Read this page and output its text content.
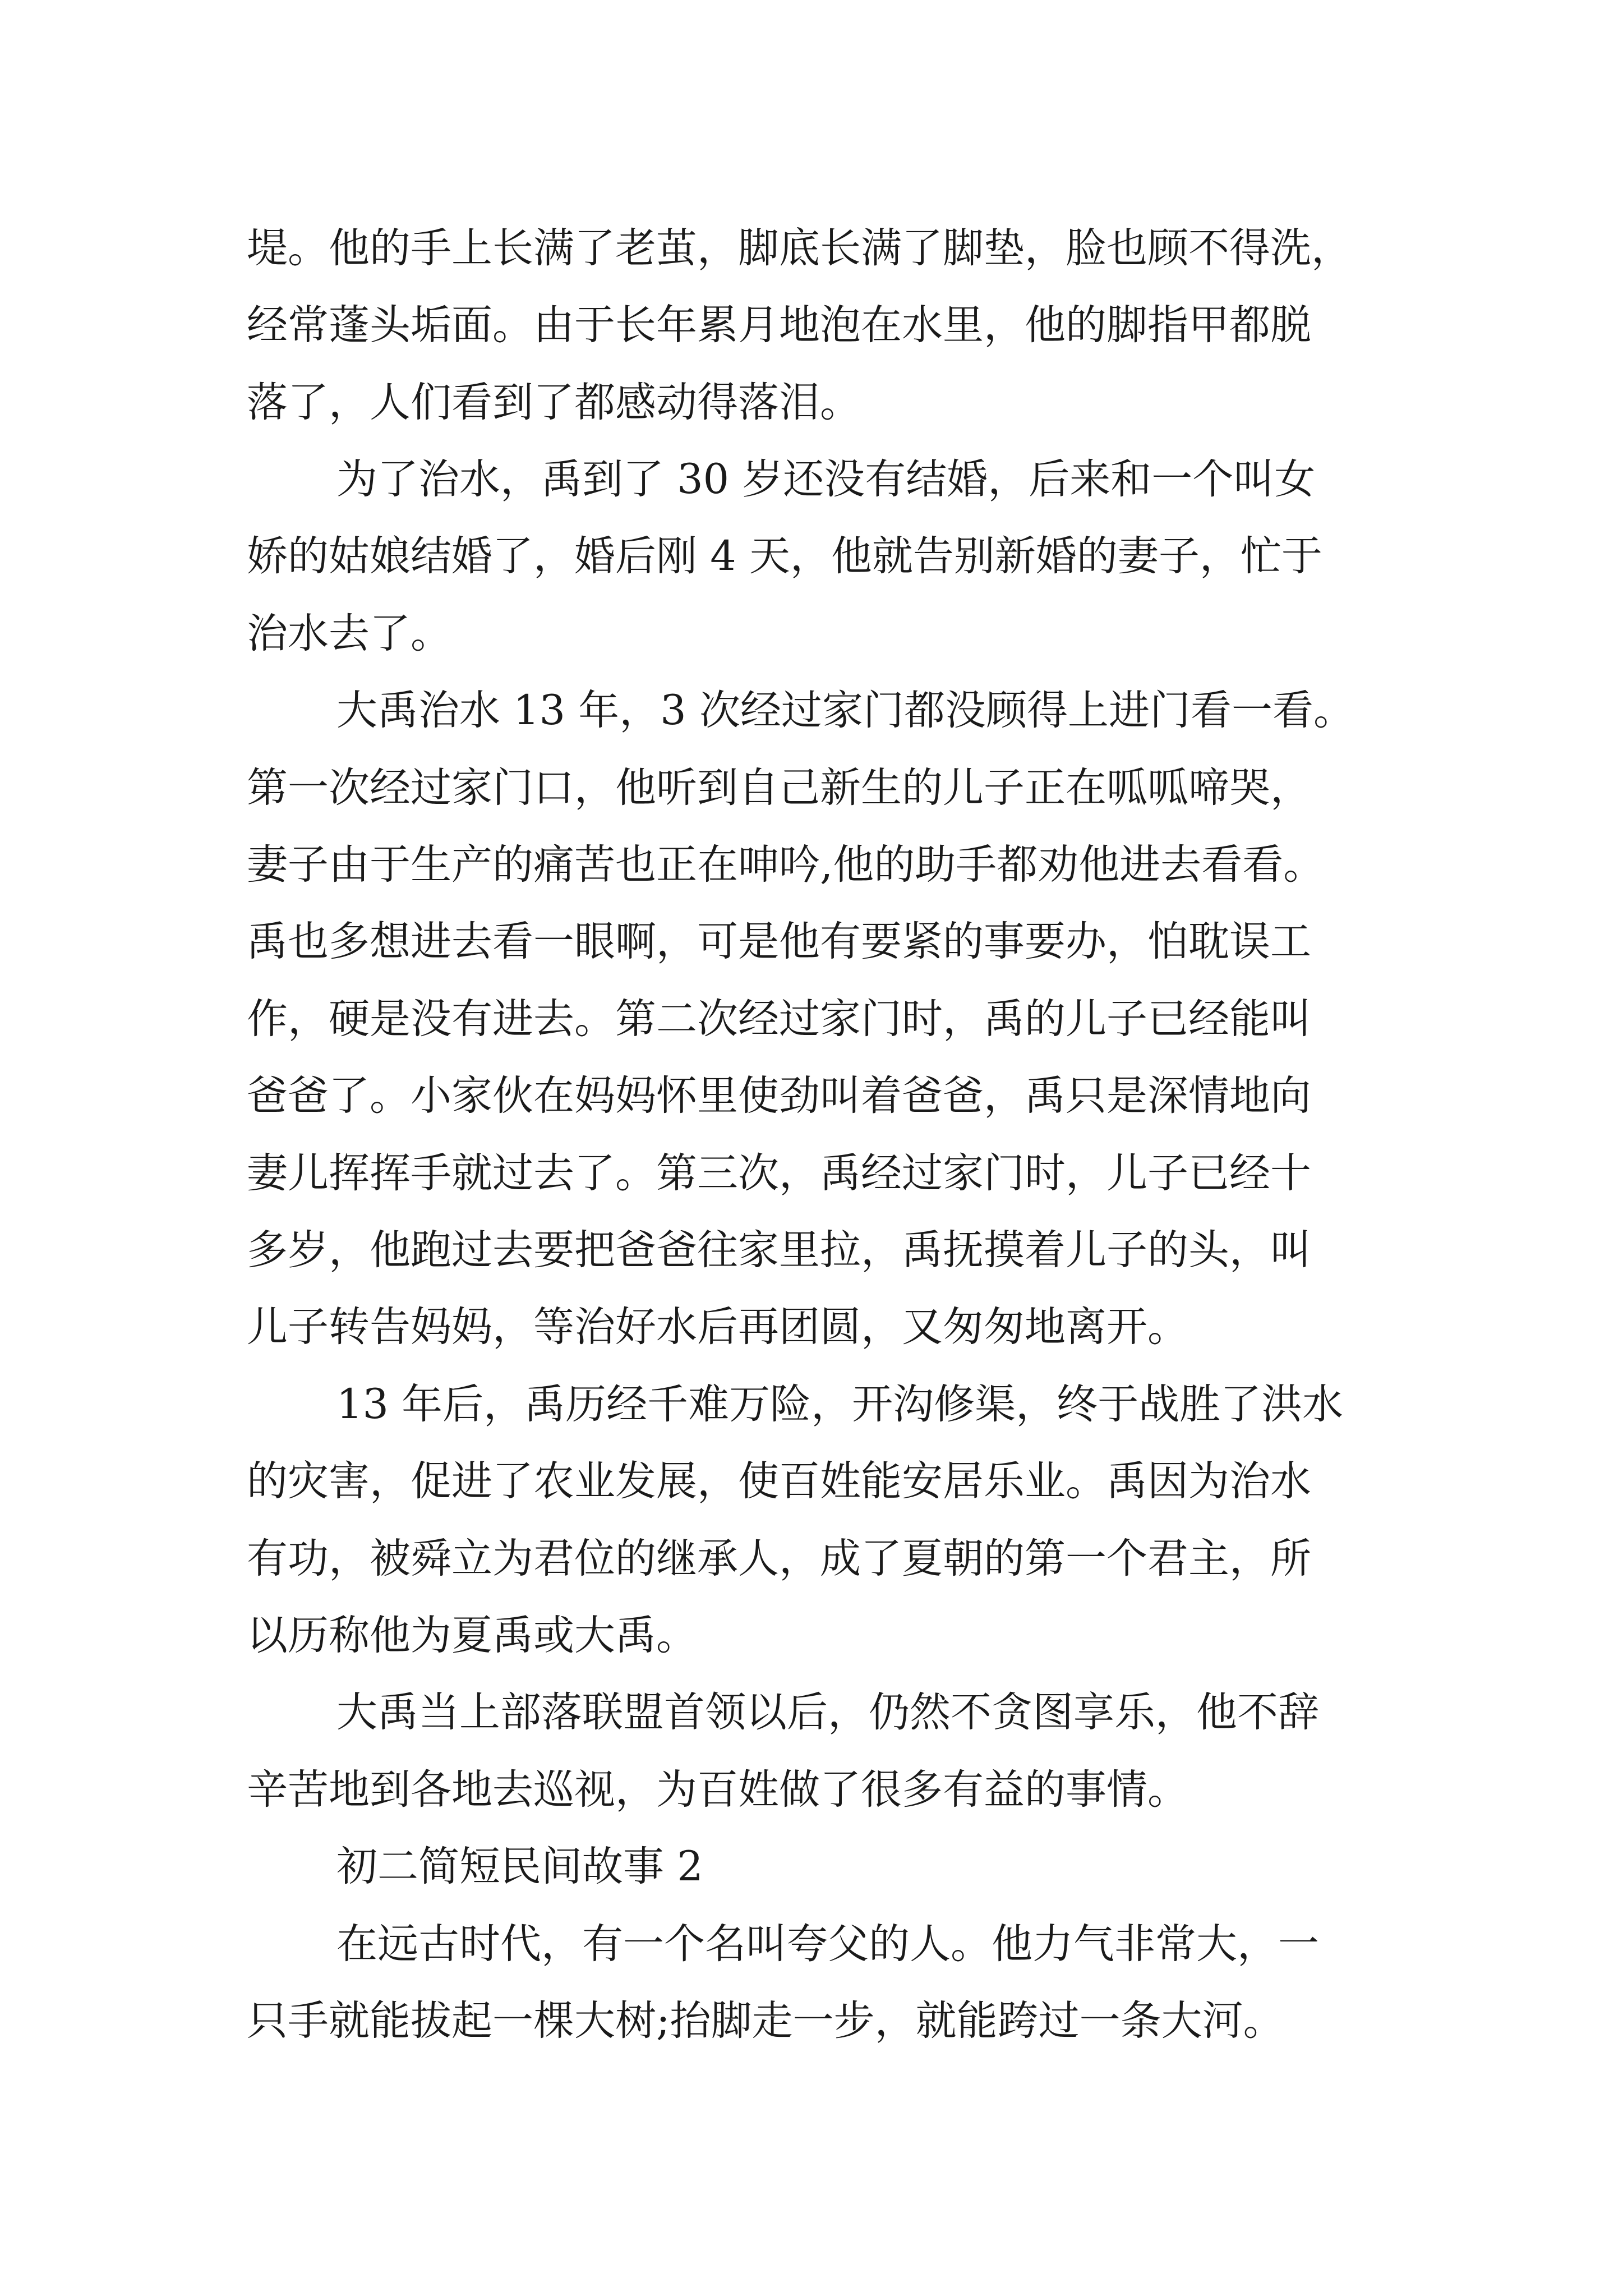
堤。他的手上长满了老茧，脚底长满了脚垫，脸也顾不得洗，
经常蓬头垢面。由于长年累月地泡在水里，他的脚指甲都脱
落了，人们看到了都感动得落泪。
为了治水，禹到了 30 岁还没有结婚，后来和一个叫女
娇的姑娘结婚了，婚后刚 4 天，他就告别新婚的妻子，忙于
治水去了。
大禹治水 13 年，3 次经过家门都没顾得上进门看一看。
第一次经过家门口，他听到自己新生的儿子正在呱呱啼哭，
妻子由于生产的痛苦也正在呻吟,他的助手都劝他进去看看。
禹也多想进去看一眼啊，可是他有要紧的事要办，怕耽误工
作，硬是没有进去。第二次经过家门时，禹的儿子已经能叫
爸爸了。小家伙在妈妈怀里使劲叫着爸爸，禹只是深情地向
妻儿挥挥手就过去了。第三次，禹经过家门时，儿子已经十
多岁，他跑过去要把爸爸往家里拉，禹抚摸着儿子的头，叫
儿子转告妈妈，等治好水后再团圆，又匆匆地离开。
13 年后，禹历经千难万险，开沟修渠，终于战胜了洪水
的灾害，促进了农业发展，使百姓能安居乐业。禹因为治水
有功，被舜立为君位的继承人，成了夏朝的第一个君主，所
以历称他为夏禹或大禹。
大禹当上部落联盟首领以后，仍然不贪图享乐，他不辞
辛苦地到各地去巡视，为百姓做了很多有益的事情。
初二简短民间故事 2
在远古时代，有一个名叫夸父的人。他力气非常大，一
只手就能拔起一棵大树;抬脚走一步，就能跨过一条大河。
